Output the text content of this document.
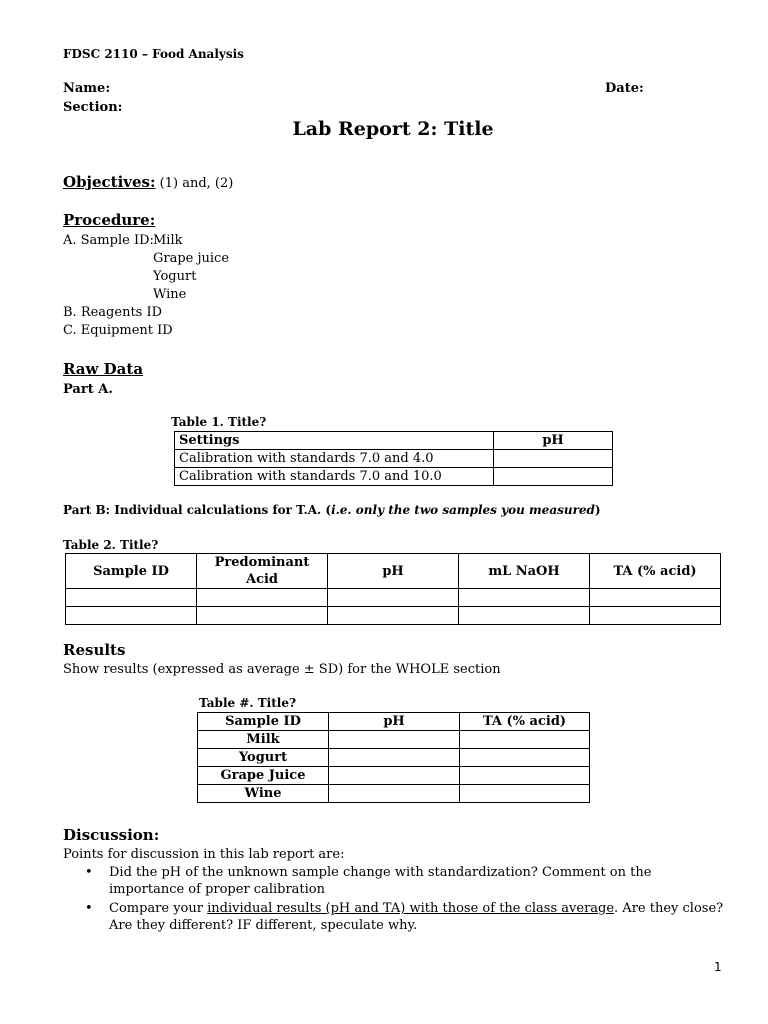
FDSC 2110 – Food Analysis
Name:	Date:
Section:
Lab Report 2: Title
Objectives: (1) and, (2)
Procedure:
A. Sample ID: Milk
Grape juice
Yogurt
Wine
B. Reagents ID
C. Equipment ID
Raw Data
Part A.
Table 1. Title?
Settings	pH
Calibration with standards 7.0 and 4.0	
Calibration with standards 7.0 and 10.0	
Part B: Individual calculations for T.A. (i.e. only the two samples you measured)
Table 2. Title?
Sample ID	Predominant Acid	pH	mL NaOH	TA (% acid)

Results
Show results (expressed as average ± SD) for the WHOLE section
Table #. Title?
Sample ID	pH	TA (% acid)
Milk		
Yogurt		
Grape Juice		
Wine		
Discussion:
Points for discussion in this lab report are:
• Did the pH of the unknown sample change with standardization? Comment on the importance of proper calibration
• Compare your individual results (pH and TA) with those of the class average. Are they close? Are they different? IF different, speculate why.
1
